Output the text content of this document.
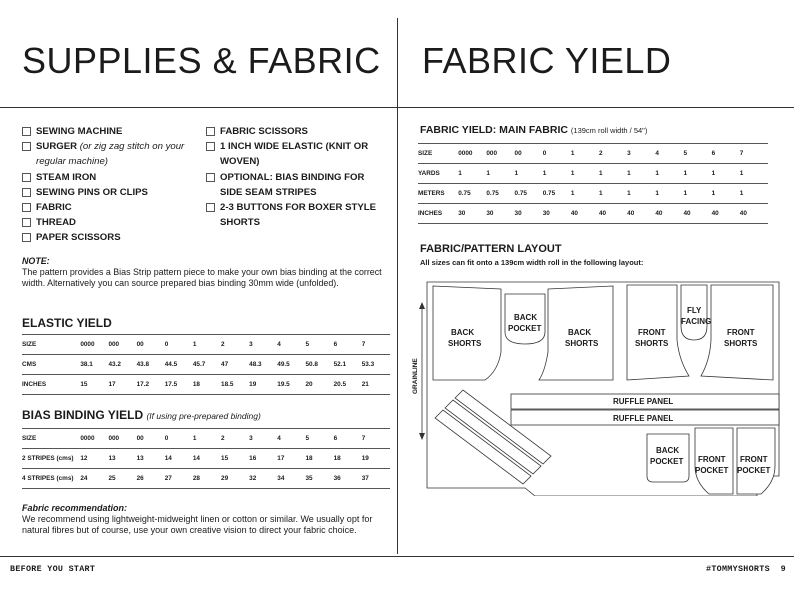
SUPPLIES & FABRIC
SEWING MACHINE
SURGER (or zig zag stitch on your regular machine)
STEAM IRON
SEWING PINS OR CLIPS
FABRIC
THREAD
PAPER SCISSORS
FABRIC SCISSORS
1 INCH WIDE ELASTIC (KNIT OR WOVEN)
OPTIONAL: BIAS BINDING FOR SIDE SEAM STRIPES
2-3 BUTTONS FOR BOXER STYLE SHORTS
NOTE:
The pattern provides a Bias Strip pattern piece to make your own bias binding at the correct width. Alternatively you can source prepared bias binding 30mm wide (unfolded).
ELASTIC YIELD
SIZE	0000	000	00	0	1	2	3	4	5	6	7
CMS	38.1	43.2	43.8	44.5	45.7	47	48.3	49.5	50.8	52.1	53.3
INCHES	15	17	17.2	17.5	18	18.5	19	19.5	20	20.5	21
BIAS BINDING YIELD (If using pre-prepared binding)
SIZE	0000	000	00	0	1	2	3	4	5	6	7
2 STRIPES (cms)	12	13	13	14	14	15	16	17	18	18	19
4 STRIPES (cms)	24	25	26	27	28	29	32	34	35	36	37
Fabric recommendation:
We recommend using lightweight-midweight linen or cotton or similar. We usually opt for natural fibres but of course, use your own creative vision to direct your fabric choice.
BEFORE YOU START
FABRIC YIELD
FABRIC YIELD: MAIN FABRIC (139cm roll width / 54")
SIZE	0000	000	00	0	1	2	3	4	5	6	7
YARDS	1	1	1	1	1	1	1	1	1	1	1
METERS	0.75	0.75	0.75	0.75	1	1	1	1	1	1	1
INCHES	30	30	30	30	40	40	40	40	40	40	40
FABRIC/PATTERN LAYOUT
All sizes can fit onto a 139cm width roll in the following layout:
GRAINLINE
BACK
SHORTS
BACK
POCKET	BACK
SHORTS
FRONT
SHORTS
FLY
FACING
FRONT
SHORTS
RUFFLE PANEL
RUFFLE PANEL
BACK
POCKET FRONT
POCKET
FRONT
POCKET
#TOMMYSHORTS 9
